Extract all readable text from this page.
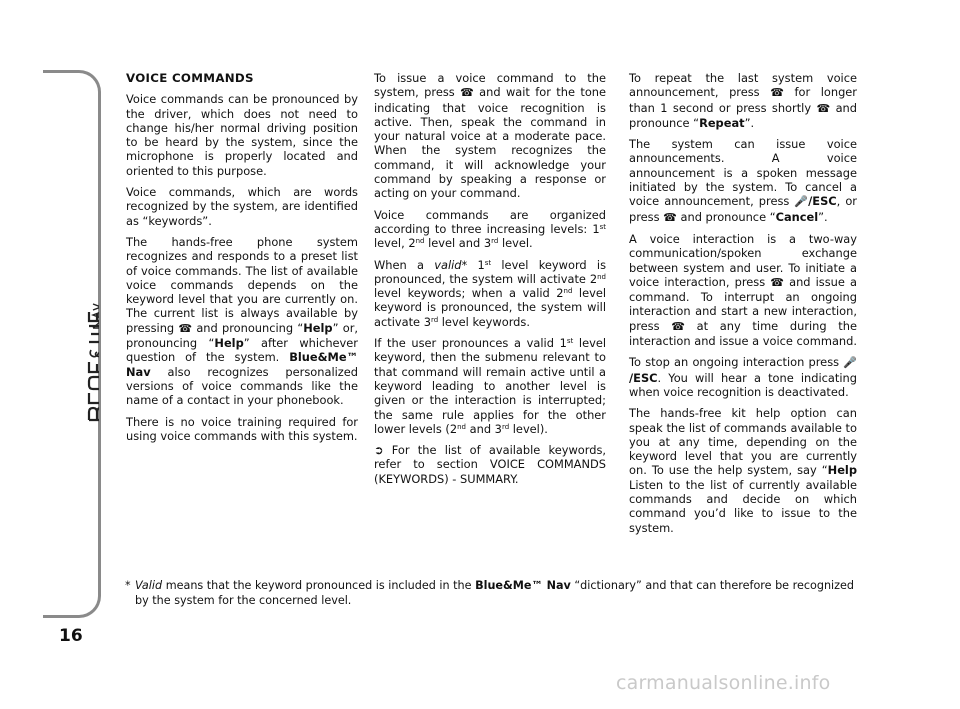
16
VOICE COMMANDS

Voice commands can be pronounced by the driver, which does not need to change his/her normal driving position to be heard by the system, since the microphone is properly located and oriented to this purpose.

Voice commands, which are words recognized by the system, are identified as “keywords”.

The hands-free phone system recognizes and responds to a preset list of voice commands. The list of available voice commands depends on the keyword level that you are currently on. The current list is always available by pressing ☎ and pronouncing “Help” or, pronouncing “Help” after whichever question of the system. Blue&Me™ Nav also recognizes personalized versions of voice commands like the name of a contact in your phonebook.

There is no voice training required for using voice commands with this system.

To issue a voice command to the system, press ☎ and wait for the tone indicating that voice recognition is active. Then, speak the command in your natural voice at a moderate pace. When the system recognizes the command, it will acknowledge your command by speaking a response or acting on your command.

Voice commands are organized according to three increasing levels: 1st level, 2nd level and 3rd level.

When a valid* 1st level keyword is pronounced, the system will activate 2nd level keywords; when a valid 2nd level keyword is pronounced, the system will activate 3rd level keywords.

If the user pronounces a valid 1st level keyword, then the submenu relevant to that command will remain active until a keyword leading to another level is given or the interaction is interrupted; the same rule applies for the other lower levels (2nd and 3rd level).

➲ For the list of available keywords, refer to section VOICE COMMANDS (KEYWORDS) - SUMMARY.

To repeat the last system voice announcement, press ☎ for longer than 1 second or press shortly ☎ and pronounce “Repeat”.

The system can issue voice announcements. A voice announcement is a spoken message initiated by the system. To cancel a voice announcement, press 🎤/ESC, or press ☎ and pronounce “Cancel”.

A voice interaction is a two-way communication/spoken exchange between system and user. To initiate a voice interaction, press ☎ and issue a command. To interrupt an ongoing interaction and start a new interaction, press ☎ at any time during the interaction and issue a voice command.

To stop an ongoing interaction press 🎤/ESC. You will hear a tone indicating when voice recognition is deactivated.

The hands-free kit help option can speak the list of commands available to you at any time, depending on the keyword level that you are currently on. To use the help system, say “Help Listen to the list of currently available commands and decide on which command you’d like to issue to the system.

* Valid means that the keyword pronounced is included in the Blue&Me™ Nav “dictionary” and that can therefore be recognized by the system for the concerned level.
carmanualsonline.info
